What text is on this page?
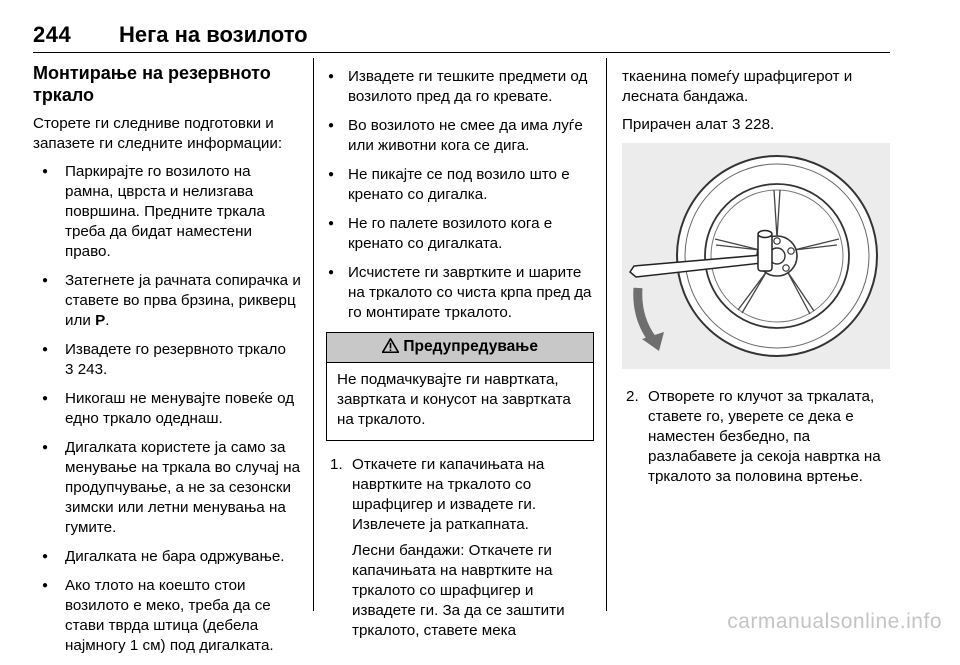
244 Нега на возилото
Монтирање на резервното тркало

Сторете ги следниве подготовки и запазете ги следните информации:

● Паркирајте го возилото на рамна, цврста и нелизгава површина. Предните тркала треба да бидат наместени право.
● Затегнете ја рачната сопирачка и ставете во прва брзина, рикверц или P.
● Извадете го резервното тркало
3 243.
● Никогаш не менувајте повеќе од едно тркало одеднаш.
● Дигалката користете ја само за менување на тркала во случај на продупчување, а не за сезонски зимски или летни менувања на гумите.
● Дигалката не бара одржување.
● Ако тлото на коешто стои возилото е меко, треба да се стави тврда штица (дебела најмногу 1 см) под дигалката.
● Извадете ги тешките предмети од возилото пред да го кревате.
● Во возилото не смее да има луѓе или животни кога се дига.
● Не пикајте се под возило што е кренато со дигалка.
● Не го палете возилото кога е кренато со дигалката.
● Исчистете ги завртките и шарите на тркалото со чиста крпа пред да го монтирате тркалото.
Предупредување
Не подмачкувајте ги навртката, завртката и конусот на завртката на тркалото.
1. Откачете ги капачињата на навртките на тркалото со шрафцигер и извадете ги. Извлечете ја раткапната.
Лесни бандажи: Откачете ги капачињата на навртките на тркалото со шрафцигер и извадете ги. За да се заштити тркалото, ставете мека

ткаенина помеѓу шрафцигерот и лесната бандажа.

Прирачен алат 3 228.

2. Отворете го клучот за тркалата, ставете го, уверете се дека е наместен безбедно, па разлабавете ја секоја навртка на тркалото за половина вртење.
carmanualsonline.info
